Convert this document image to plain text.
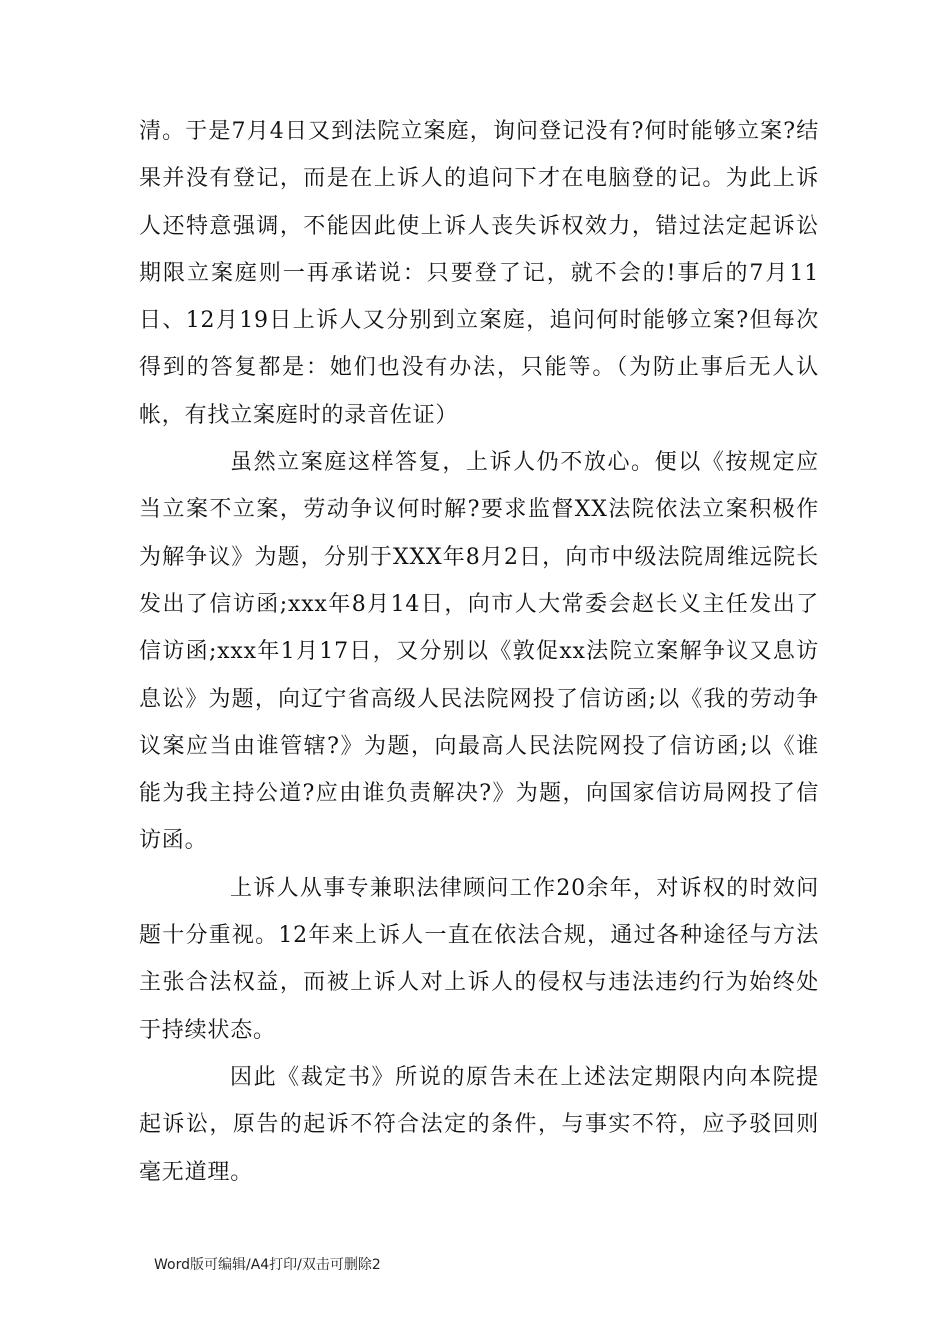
清。于是7月4日又到法院立案庭，询问登记没有?何时能够立案?结果并没有登记，而是在上诉人的追问下才在电脑登的记。为此上诉人还特意强调，不能因此使上诉人丧失诉权效力，错过法定起诉讼期限立案庭则一再承诺说：只要登了记，就不会的!事后的7月11日、12月19日上诉人又分别到立案庭，追问何时能够立案?但每次得到的答复都是：她们也没有办法，只能等。（为防止事后无人认帐，有找立案庭时的录音佐证）

虽然立案庭这样答复，上诉人仍不放心。便以《按规定应当立案不立案，劳动争议何时解?要求监督XX法院依法立案积极作为解争议》为题，分别于XXX年8月2日，向市中级法院周维远院长发出了信访函;xxx年8月14日，向市人大常委会赵长义主任发出了信访函;xxx年1月17日，又分别以《敦促xx法院立案解争议又息访息讼》为题，向辽宁省高级人民法院网投了信访函;以《我的劳动争议案应当由谁管辖?》为题，向最高人民法院网投了信访函;以《谁能为我主持公道?应由谁负责解决?》为题，向国家信访局网投了信访函。

上诉人从事专兼职法律顾问工作20余年，对诉权的时效问题十分重视。12年来上诉人一直在依法合规，通过各种途径与方法主张合法权益，而被上诉人对上诉人的侵权与违法违约行为始终处于持续状态。

因此《裁定书》所说的原告未在上述法定期限内向本院提起诉讼，原告的起诉不符合法定的条件，与事实不符，应予驳回则毫无道理。

Word版可编辑/A4打印/双击可删除2
